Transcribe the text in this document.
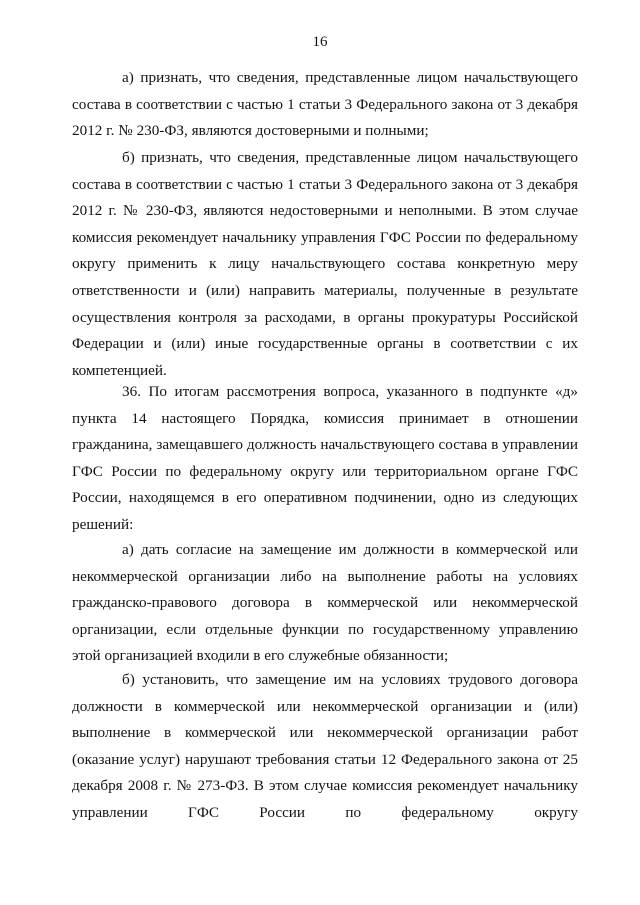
16

а) признать, что сведения, представленные лицом начальствующего состава в соответствии с частью 1 статьи 3 Федерального закона от 3 декабря 2012 г. № 230-ФЗ, являются достоверными и полными;

б) признать, что сведения, представленные лицом начальствующего состава в соответствии с частью 1 статьи 3 Федерального закона от 3 декабря 2012 г. № 230-ФЗ, являются недостоверными и неполными. В этом случае комиссия рекомендует начальнику управления ГФС России по федеральному округу применить к лицу начальствующего состава конкретную меру ответственности и (или) направить материалы, полученные в результате осуществления контроля за расходами, в органы прокуратуры Российской Федерации и (или) иные государственные органы в соответствии с их компетенцией.

36. По итогам рассмотрения вопроса, указанного в подпункте «д» пункта 14 настоящего Порядка, комиссия принимает в отношении гражданина, замещавшего должность начальствующего состава в управлении ГФС России по федеральному округу или территориальном органе ГФС России, находящемся в его оперативном подчинении, одно из следующих решений:

а) дать согласие на замещение им должности в коммерческой или некоммерческой организации либо на выполнение работы на условиях гражданско-правового договора в коммерческой или некоммерческой организации, если отдельные функции по государственному управлению этой организацией входили в его служебные обязанности;

б) установить, что замещение им на условиях трудового договора должности в коммерческой или некоммерческой организации и (или) выполнение в коммерческой или некоммерческой организации работ (оказание услуг) нарушают требования статьи 12 Федерального закона от 25 декабря 2008 г. № 273-ФЗ. В этом случае комиссия рекомендует начальнику управлении ГФС России по федеральному округу
